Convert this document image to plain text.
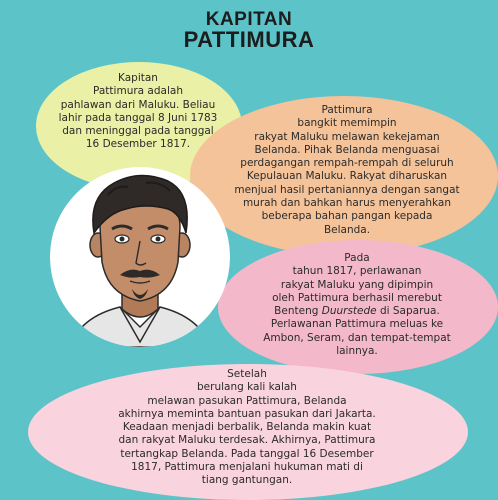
KAPITAN
PATTIMURA
Kapitan
Pattimura adalah
pahlawan dari Maluku. Beliau
lahir pada tanggal 8 Juni 1783
dan meninggal pada tanggal
16 Desember 1817.
Pattimura
bangkit memimpin
rakyat Maluku melawan kekejaman
Belanda. Pihak Belanda menguasai
perdagangan rempah-rempah di seluruh
Kepulauan Maluku. Rakyat diharuskan
menjual hasil pertaniannya dengan sangat
murah dan bahkan harus menyerahkan
beberapa bahan pangan kepada
Belanda.
Pada
tahun 1817, perlawanan
rakyat Maluku yang dipimpin
oleh Pattimura berhasil merebut
Benteng Duurstede di Saparua.
Perlawanan Pattimura meluas ke
Ambon, Seram, dan tempat-tempat
lainnya.
Setelah
berulang kali kalah
melawan pasukan Pattimura, Belanda
akhirnya meminta bantuan pasukan dari Jakarta.
Keadaan menjadi berbalik, Belanda makin kuat
dan rakyat Maluku terdesak. Akhirnya, Pattimura
tertangkap Belanda. Pada tanggal 16 Desember
1817, Pattimura menjalani hukuman mati di
tiang gantungan.
